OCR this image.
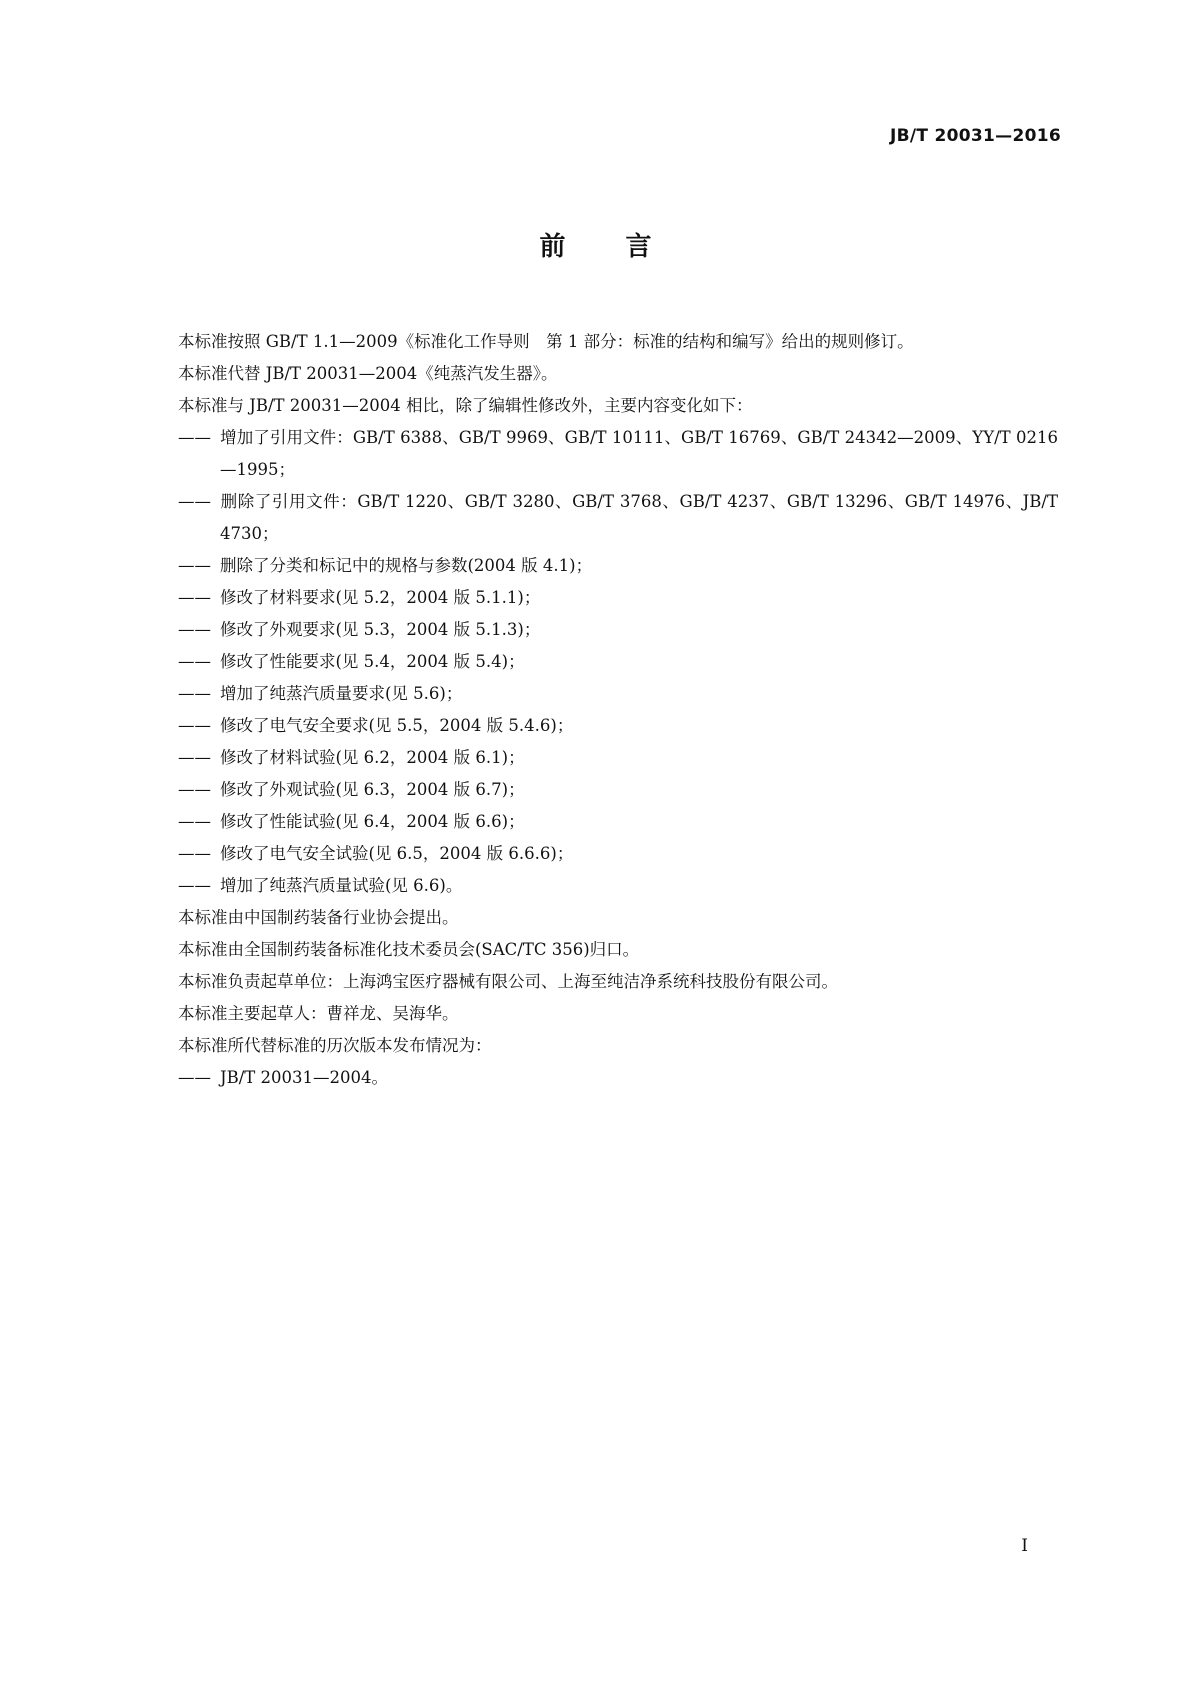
JB/T 20031—2016
前言
本标准按照 GB/T 1.1—2009《标准化工作导则　第 1 部分：标准的结构和编写》给出的规则修订。
本标准代替 JB/T 20031—2004《纯蒸汽发生器》。
本标准与 JB/T 20031—2004 相比，除了编辑性修改外，主要内容变化如下：
—— 增加了引用文件：GB/T 6388、GB/T 9969、GB/T 10111、GB/T 16769、GB/T 24342—2009、YY/T 0216—1995；
—— 删除了引用文件：GB/T 1220、GB/T 3280、GB/T 3768、GB/T 4237、GB/T 13296、GB/T 14976、JB/T 4730；
—— 删除了分类和标记中的规格与参数(2004 版 4.1)；
—— 修改了材料要求(见 5.2，2004 版 5.1.1)；
—— 修改了外观要求(见 5.3，2004 版 5.1.3)；
—— 修改了性能要求(见 5.4，2004 版 5.4)；
—— 增加了纯蒸汽质量要求(见 5.6)；
—— 修改了电气安全要求(见 5.5，2004 版 5.4.6)；
—— 修改了材料试验(见 6.2，2004 版 6.1)；
—— 修改了外观试验(见 6.3，2004 版 6.7)；
—— 修改了性能试验(见 6.4，2004 版 6.6)；
—— 修改了电气安全试验(见 6.5，2004 版 6.6.6)；
—— 增加了纯蒸汽质量试验(见 6.6)。
本标准由中国制药装备行业协会提出。
本标准由全国制药装备标准化技术委员会(SAC/TC 356)归口。
本标准负责起草单位：上海鸿宝医疗器械有限公司、上海至纯洁净系统科技股份有限公司。
本标准主要起草人：曹祥龙、吴海华。
本标准所代替标准的历次版本发布情况为：
—— JB/T 20031—2004。
I
